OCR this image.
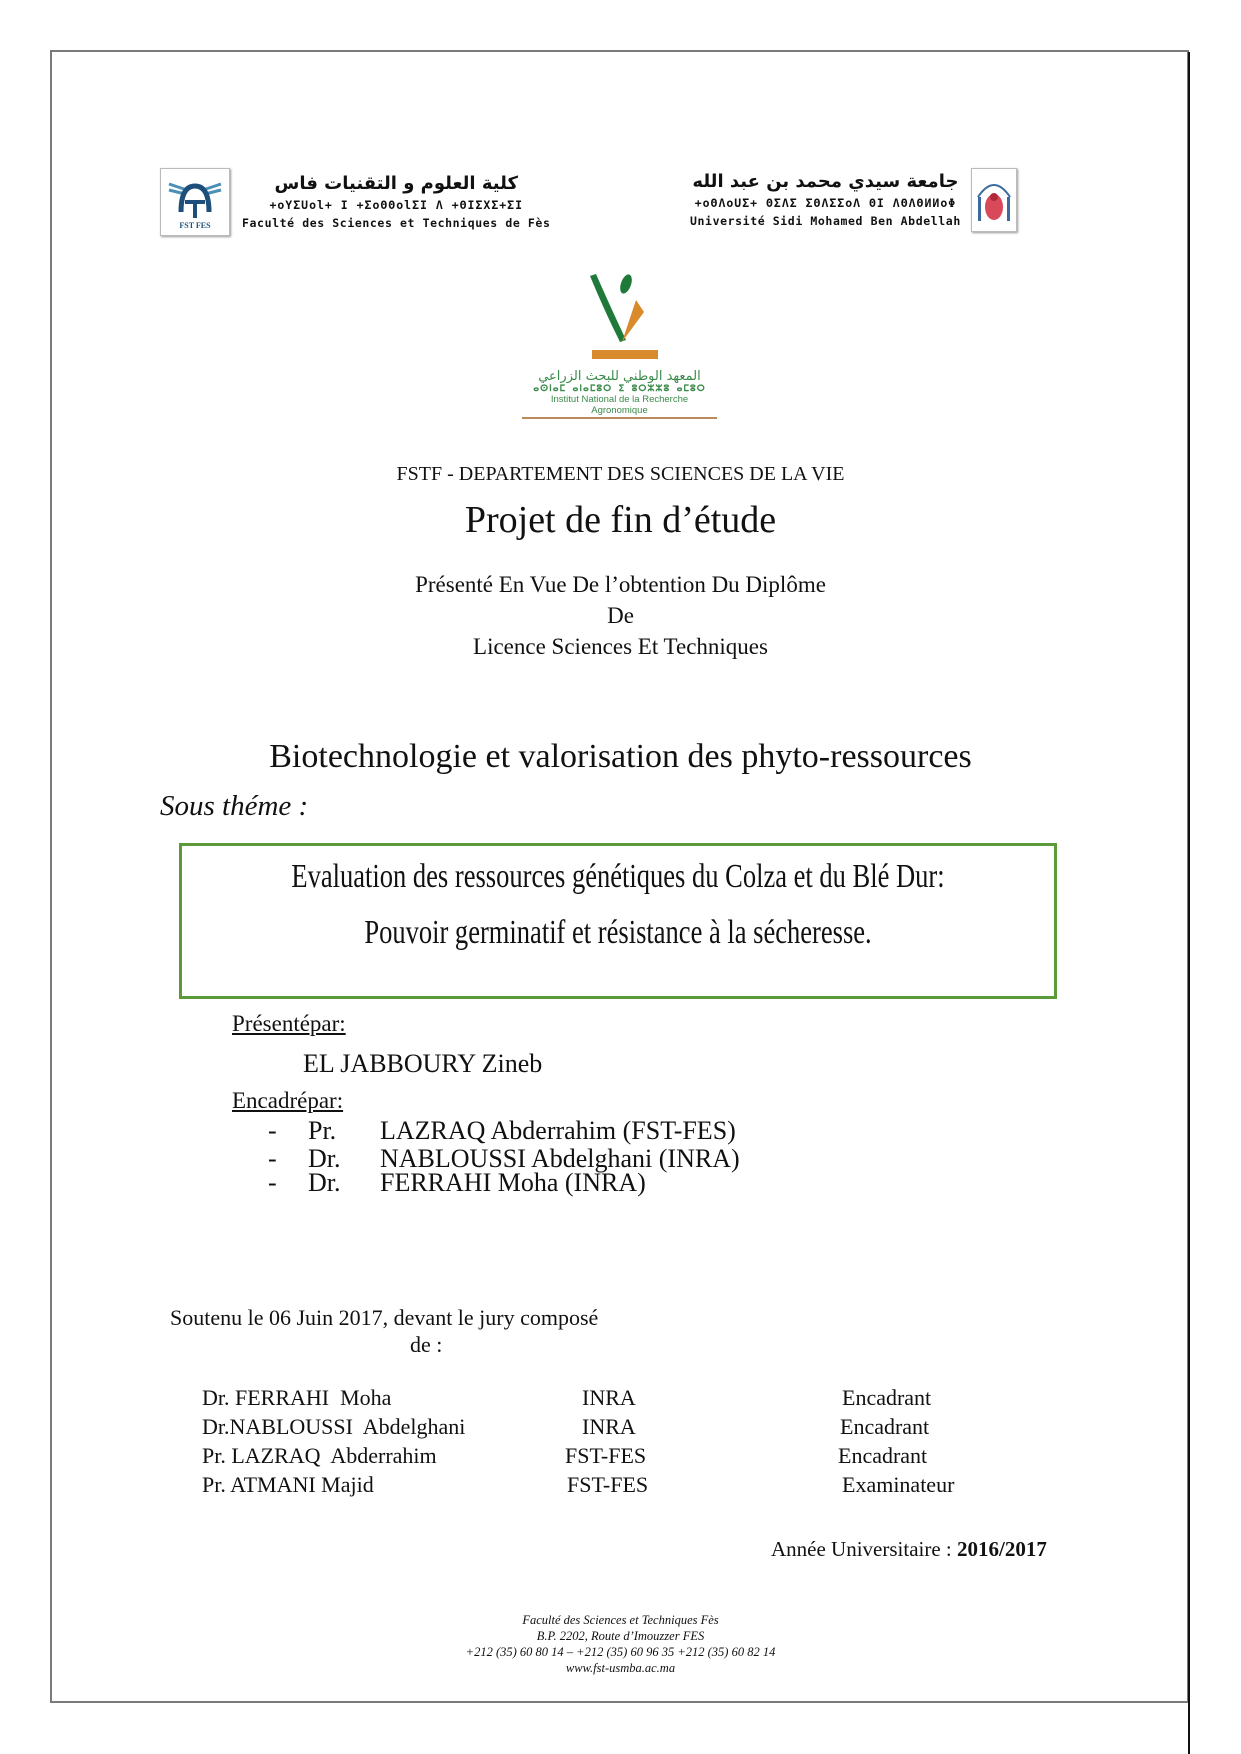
FST FES
كلية العلوم و التقنيات فاس
+oYΣUol+ I +ΣoΘΘolΣI Λ +ΘIΣXΣ+ΣI
Faculté des Sciences et Techniques de Fès
جامعة سيدي محمد بن عبد الله
+oΘΛoUΣ+ ΘΣΛΣ ΣΘΛΣΣoΛ ΘI ΛΘΛΘИИoΦ
Université Sidi Mohamed Ben Abdellah
المعهد الوطني للبحث الزراعي
ⴰⵙⵏⴰⵎ ⴰⵏⴰⵎⵓⵔ ⵉ ⵓⵔⵣⵣⵓ ⴰⵎⵓⵔ
Institut National de la Recherche Agronomique
FSTF - DEPARTEMENT DES SCIENCES DE LA VIE
Projet de fin d’étude
Présenté En Vue De l’obtention Du Diplôme
De
Licence Sciences Et Techniques
Biotechnologie et valorisation des phyto-ressources
Sous théme :
Evaluation des ressources génétiques du Colza et du Blé Dur:
Pouvoir germinatif et résistance à la sécheresse.
Présentépar:
EL JABBOURY Zineb
Encadrépar:
-	Pr.	LAZRAQ Abderrahim (FST-FES)
-	Dr.	NABLOUSSI Abdelghani (INRA)
-	Dr.	FERRAHI Moha (INRA)
Soutenu le 06 Juin 2017, devant le jury composé
de :
Dr. FERRAHI  Moha	INRA	Encadrant
Dr.NABLOUSSI  Abdelghani	INRA	Encadrant
Pr. LAZRAQ  Abderrahim	FST-FES	Encadrant
Pr. ATMANI Majid	FST-FES	Examinateur
Année Universitaire : 2016/2017
Faculté des Sciences et Techniques Fès
B.P. 2202, Route d’Imouzzer FES
+212 (35) 60 80 14 – +212 (35) 60 96 35 +212 (35) 60 82 14
www.fst-usmba.ac.ma
